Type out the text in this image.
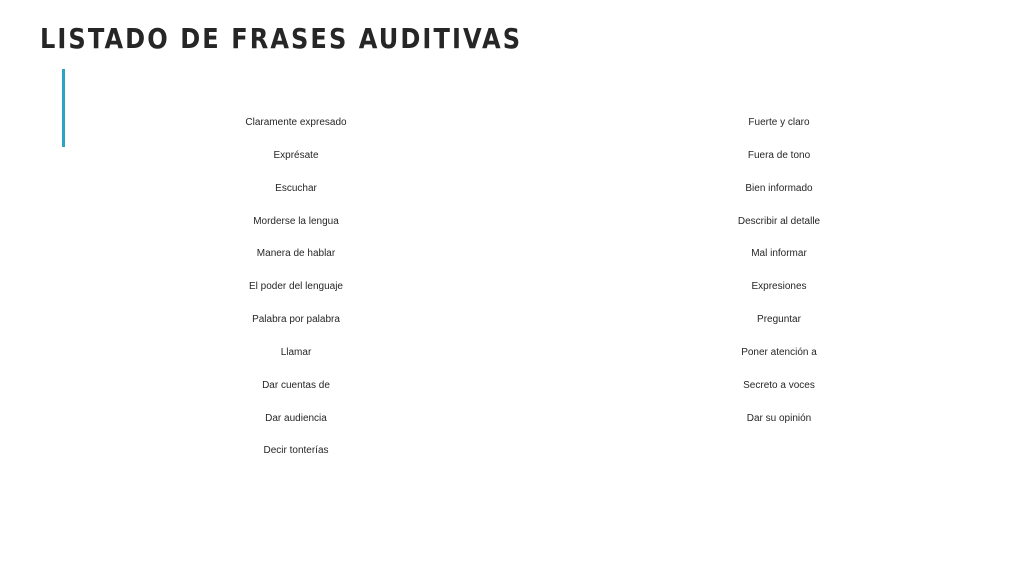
LISTADO DE FRASES AUDITIVAS
Claramente expresado
Exprésate
Escuchar
Morderse la lengua
Manera de hablar
El poder del lenguaje
Palabra por palabra
Llamar
Dar cuentas de
Dar audiencia
Decir tonterías
Fuerte y claro
Fuera de tono
Bien informado
Describir al detalle
Mal informar
Expresiones
Preguntar
Poner atención a
Secreto a voces
Dar su opinión
